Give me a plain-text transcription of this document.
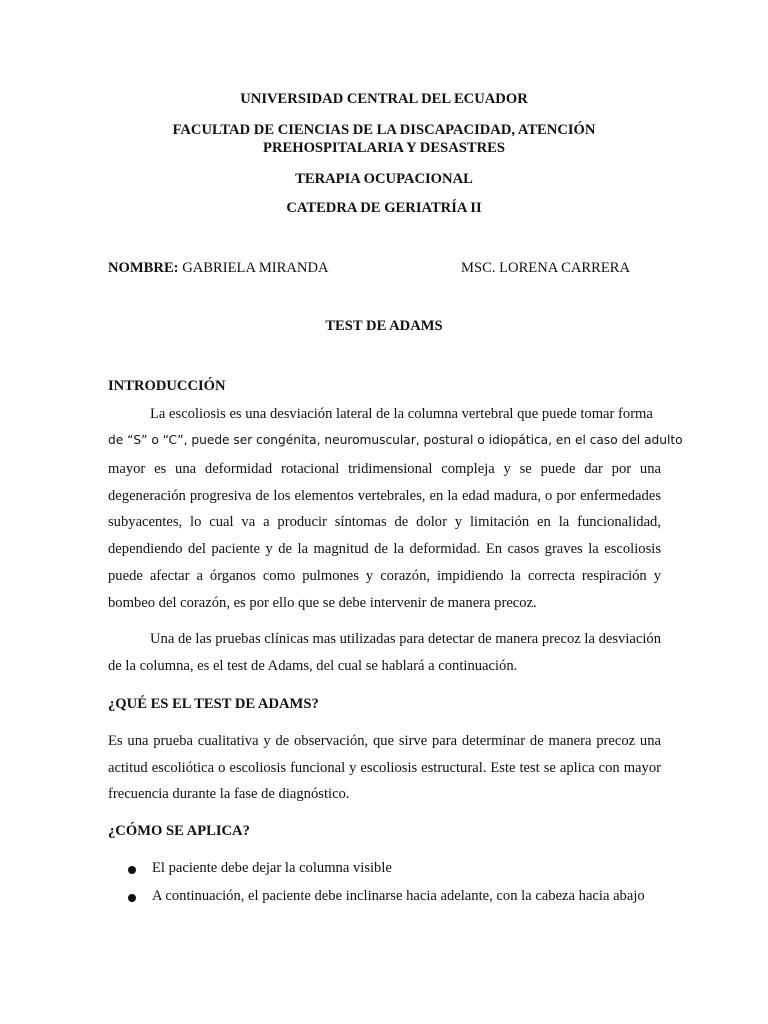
UNIVERSIDAD CENTRAL DEL ECUADOR
FACULTAD DE CIENCIAS DE LA DISCAPACIDAD, ATENCIÓN
PREHOSPITALARIA Y DESASTRES
TERAPIA OCUPACIONAL
CATEDRA DE GERIATRÍA II
NOMBRE: GABRIELA MIRANDA	MSC. LORENA CARRERA
TEST DE ADAMS
INTRODUCCIÓN
La escoliosis es una desviación lateral de la columna vertebral que puede tomar forma
de “S” o “C”, puede ser congénita, neuromuscular, postural o idiopática, en el caso del adulto
mayor es una deformidad rotacional tridimensional compleja y se puede dar por una degeneración progresiva de los elementos vertebrales, en la edad madura, o por enfermedades subyacentes, lo cual va a producir síntomas de dolor y limitación en la funcionalidad, dependiendo del paciente y de la magnitud de la deformidad. En casos graves la escoliosis puede afectar a órganos como pulmones y corazón, impidiendo la correcta respiración y bombeo del corazón, es por ello que se debe intervenir de manera precoz.
Una de las pruebas clínicas mas utilizadas para detectar de manera precoz la desviación de la columna, es el test de Adams, del cual se hablará a continuación.
¿QUÉ ES EL TEST DE ADAMS?
Es una prueba cualitativa y de observación, que sirve para determinar de manera precoz una actitud escoliótica o escoliosis funcional y escoliosis estructural. Este test se aplica con mayor frecuencia durante la fase de diagnóstico.
¿CÓMO SE APLICA?
El paciente debe dejar la columna visible
A continuación, el paciente debe inclinarse hacia adelante, con la cabeza hacia abajo
